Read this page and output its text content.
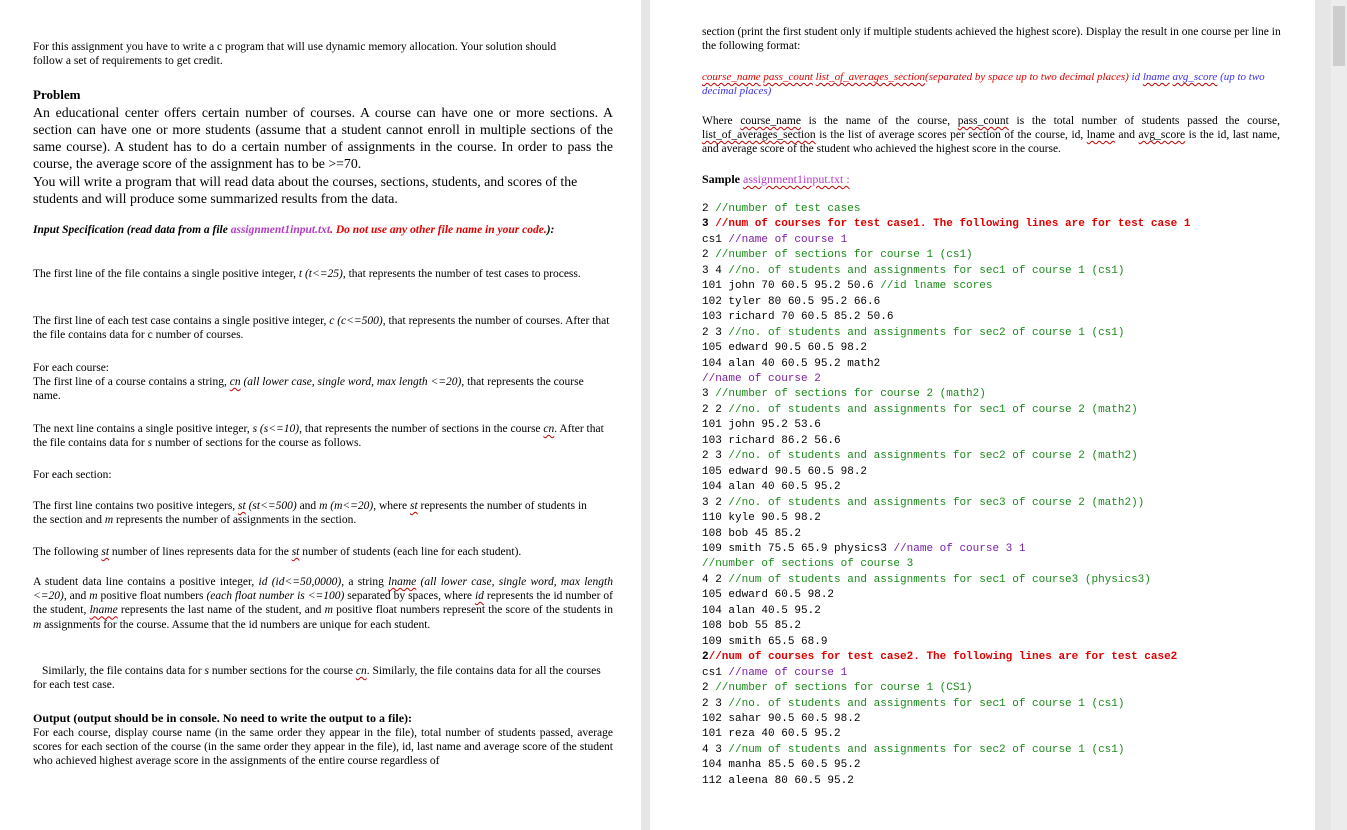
For this assignment you have to write a c program that will use dynamic memory allocation. Your solution should follow a set of requirements to get credit.
Problem
An educational center offers certain number of courses. A course can have one or more sections. A section can have one or more students (assume that a student cannot enroll in multiple sections of the same course). A student has to do a certain number of assignments in the course. In order to pass the course, the average score of the assignment has to be >=70.
You will write a program that will read data about the courses, sections, students, and scores of the students and will produce some summarized results from the data.
Input Specification (read data from a file assignment1input.txt. Do not use any other file name in your code.):
The first line of the file contains a single positive integer, t (t<=25), that represents the number of test cases to process.
The first line of each test case contains a single positive integer, c (c<=500), that represents the number of courses. After that the file contains data for c number of courses.
For each course:
The first line of a course contains a string, cn (all lower case, single word, max length <=20), that represents the course name.
The next line contains a single positive integer, s (s<=10), that represents the number of sections in the course cn. After that the file contains data for s number of sections for the course as follows.
For each section:
The first line contains two positive integers, st (st<=500) and m (m<=20), where st represents the number of students in the section and m represents the number of assignments in the section.
The following st number of lines represents data for the st number of students (each line for each student).
A student data line contains a positive integer, id (id<=50,0000), a string lname (all lower case, single word, max length <=20), and m positive float numbers (each float number is <=100) separated by spaces, where id represents the id number of the student, lname represents the last name of the student, and m positive float numbers represent the score of the students in m assignments for the course. Assume that the id numbers are unique for each student.
Similarly, the file contains data for s number sections for the course cn. Similarly, the file contains data for all the courses for each test case.
Output (output should be in console. No need to write the output to a file):
For each course, display course name (in the same order they appear in the file), total number of students passed, average scores for each section of the course (in the same order they appear in the file), id, last name and average score of the student who achieved highest average score in the assignments of the entire course regardless of
section (print the first student only if multiple students achieved the highest score). Display the result in one course per line in the following format:
course_name pass_count list_of_averages_section(separated by space up to two decimal places) id lname avg_score (up to two decimal places)
Where course_name is the name of the course, pass_count is the total number of students passed the course, list_of_averages_section is the list of average scores per section of the course, id, lname and avg_score is the id, last name, and average score of the student who achieved the highest score in the course.
Sample assignment1input.txt :
2 //number of test cases
3 //num of courses for test case1. The following lines are for test case 1
cs1 //name of course 1
2 //number of sections for course 1 (cs1)
3 4 //no. of students and assignments for sec1 of course 1 (cs1)
101 john 70 60.5 95.2 50.6 //id lname scores
102 tyler 80 60.5 95.2 66.6
103 richard 70 60.5 85.2 50.6
2 3 //no. of students and assignments for sec2 of course 1 (cs1)
105 edward 90.5 60.5 98.2
104 alan 40 60.5 95.2 math2
//name of course 2
3 //number of sections for course 2 (math2)
2 2 //no. of students and assignments for sec1 of course 2 (math2)
101 john 95.2 53.6
103 richard 86.2 56.6
2 3 //no. of students and assignments for sec2 of course 2 (math2)
105 edward 90.5 60.5 98.2
104 alan 40 60.5 95.2
3 2 //no. of students and assignments for sec3 of course 2 (math2))
110 kyle 90.5 98.2
108 bob 45 85.2
109 smith 75.5 65.9 physics3 //name of course 3 1
//number of sections of course 3
4 2 //num of students and assignments for sec1 of course3 (physics3)
105 edward 60.5 98.2
104 alan 40.5 95.2
108 bob 55 85.2
109 smith 65.5 68.9
2//num of courses for test case2. The following lines are for test case2
cs1 //name of course 1
2 //number of sections for course 1 (CS1)
2 3 //no. of students and assignments for sec1 of course 1 (cs1)
102 sahar 90.5 60.5 98.2
101 reza 40 60.5 95.2
4 3 //num of students and assignments for sec2 of course 1 (cs1)
104 manha 85.5 60.5 95.2
112 aleena 80 60.5 95.2
